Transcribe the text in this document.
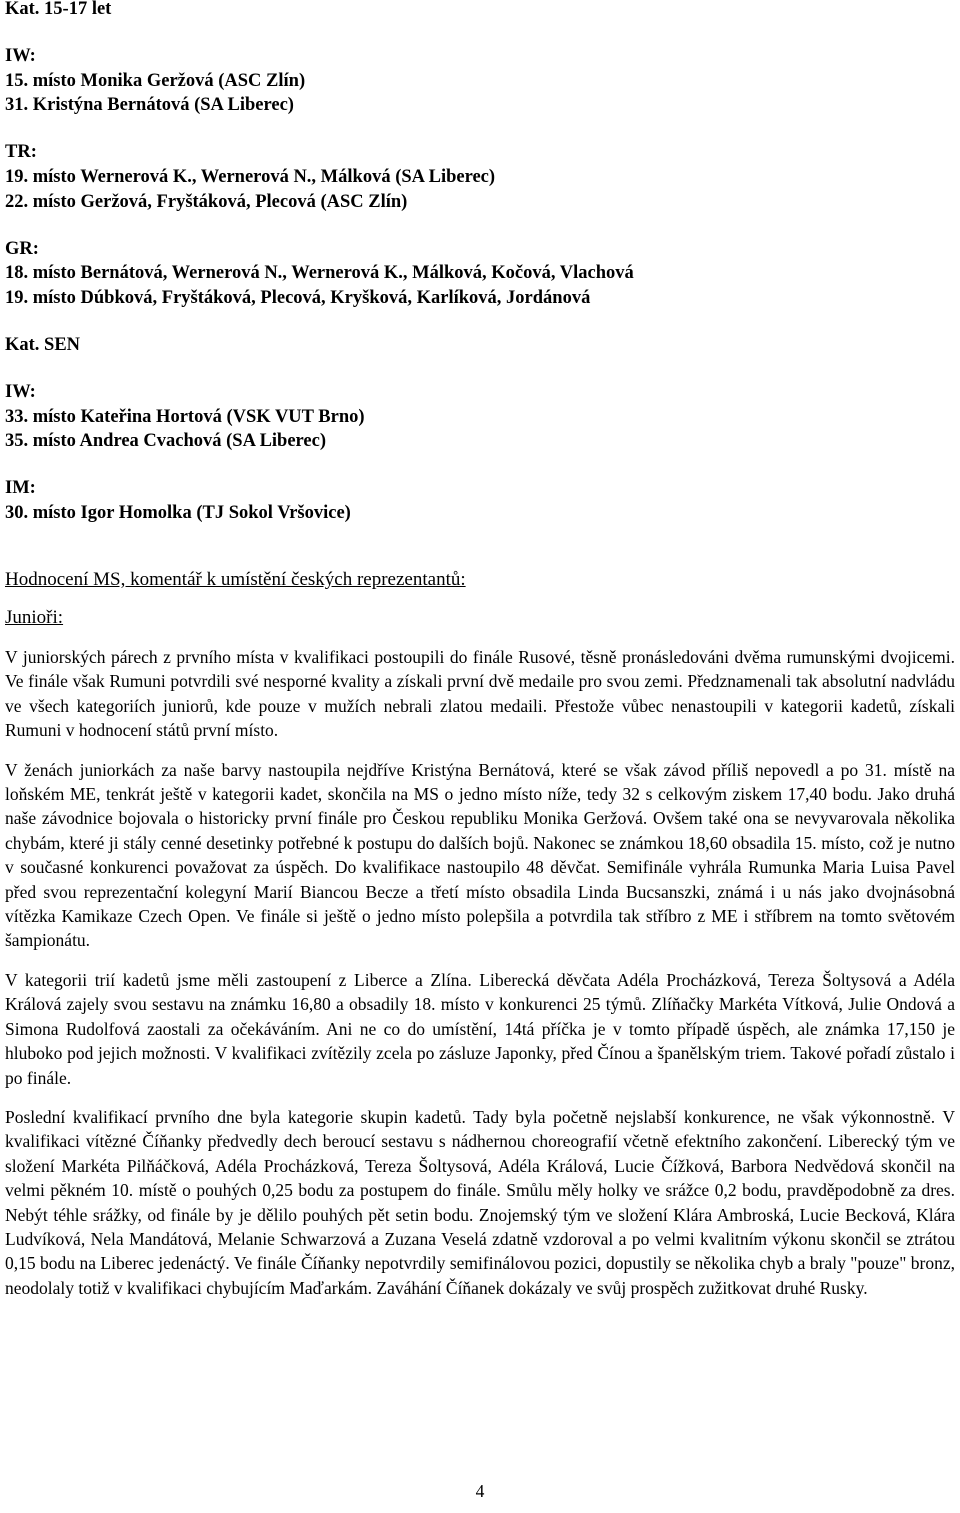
Kat. 15-17 let

IW:

15. místo Monika Geržová (ASC Zlín)

31. Kristýna Bernátová (SA Liberec)

TR:

19. místo Wernerová K., Wernerová N., Málková (SA Liberec)

22. místo Geržová, Fryštáková, Plecová (ASC Zlín)

GR:

18. místo Bernátová, Wernerová N., Wernerová K., Málková, Kočová, Vlachová

19. místo Dúbková, Fryštáková, Plecová, Kryšková, Karlíková, Jordánová

Kat. SEN

IW:

33. místo Kateřina Hortová (VSK VUT Brno)

35. místo Andrea Cvachová (SA Liberec)

IM:

30. místo Igor Homolka (TJ Sokol Vršovice)

Hodnocení MS, komentář k umístění českých reprezentantů:

Junioři:

V juniorských párech z prvního místa v kvalifikaci postoupili do finále Rusové, těsně pronásledováni dvěma rumunskými dvojicemi. Ve finále však Rumuni potvrdili své nesporné kvality a získali první dvě medaile pro svou zemi. Předznamenali tak absolutní nadvládu ve všech kategoriích juniorů, kde pouze v mužích nebrali zlatou medaili. Přestože vůbec nenastoupili v kategorii kadetů, získali Rumuni v hodnocení států první místo.

V ženách juniorkách za naše barvy nastoupila nejdříve Kristýna Bernátová, které se však závod příliš nepovedl a po 31. místě na loňském ME, tenkrát ještě v kategorii kadet, skončila na MS o jedno místo níže, tedy 32 s celkovým ziskem 17,40 bodu. Jako druhá naše závodnice bojovala o historicky první finále pro Českou republiku Monika Geržová. Ovšem také ona se nevyvarovala několika chybám, které ji stály cenné desetinky potřebné k postupu do dalších bojů. Nakonec se známkou 18,60 obsadila 15. místo, což je nutno v současné konkurenci považovat za úspěch. Do kvalifikace nastoupilo 48 děvčat. Semifinále vyhrála Rumunka Maria Luisa Pavel před svou reprezentační kolegyní Marií Biancou Becze a třetí místo obsadila Linda Bucsanszki, známá i u nás jako dvojnásobná vítězka Kamikaze Czech Open. Ve finále si ještě o jedno místo polepšila a potvrdila tak stříbro z ME i stříbrem na tomto světovém šampionátu.

V kategorii trií kadetů jsme měli zastoupení z Liberce a Zlína. Liberecká děvčata Adéla Procházková, Tereza Šoltysová a Adéla Králová zajely svou sestavu na známku 16,80 a obsadily 18. místo v konkurenci 25 týmů. Zlíňačky Markéta Vítková, Julie Ondová a Simona Rudolfová zaostali za očekáváním. Ani ne co do umístění, 14tá příčka je v tomto případě úspěch, ale známka 17,150 je hluboko pod jejich možnosti. V kvalifikaci zvítězily zcela po zásluze Japonky, před Čínou a španělským triem. Takové pořadí zůstalo i po finále.

Poslední kvalifikací prvního dne byla kategorie skupin kadetů. Tady byla početně nejslabší konkurence, ne však výkonnostně. V kvalifikaci vítězné Číňanky předvedly dech beroucí sestavu s nádhernou choreografií včetně efektního zakončení. Liberecký tým ve složení Markéta Pilňáčková, Adéla Procházková, Tereza Šoltysová, Adéla Králová, Lucie Čížková, Barbora Nedvědová skončil na velmi pěkném 10. místě o pouhých 0,25 bodu za postupem do finále. Smůlu měly holky ve srážce 0,2 bodu, pravděpodobně za dres. Nebýt téhle srážky, od finále by je dělilo pouhých pět setin bodu. Znojemský tým ve složení Klára Ambroská, Lucie Becková, Klára Ludvíková, Nela Mandátová, Melanie Schwarzová a Zuzana Veselá zdatně vzdoroval a po velmi kvalitním výkonu skončil se ztrátou 0,15 bodu na Liberec jedenáctý. Ve finále Číňanky nepotvrdily semifinálovou pozici, dopustily se několika chyb a braly "pouze" bronz, neodolaly totiž v kvalifikaci chybujícím Maďarkám. Zaváhání Číňanek dokázaly ve svůj prospěch zužitkovat druhé Rusky.

4
